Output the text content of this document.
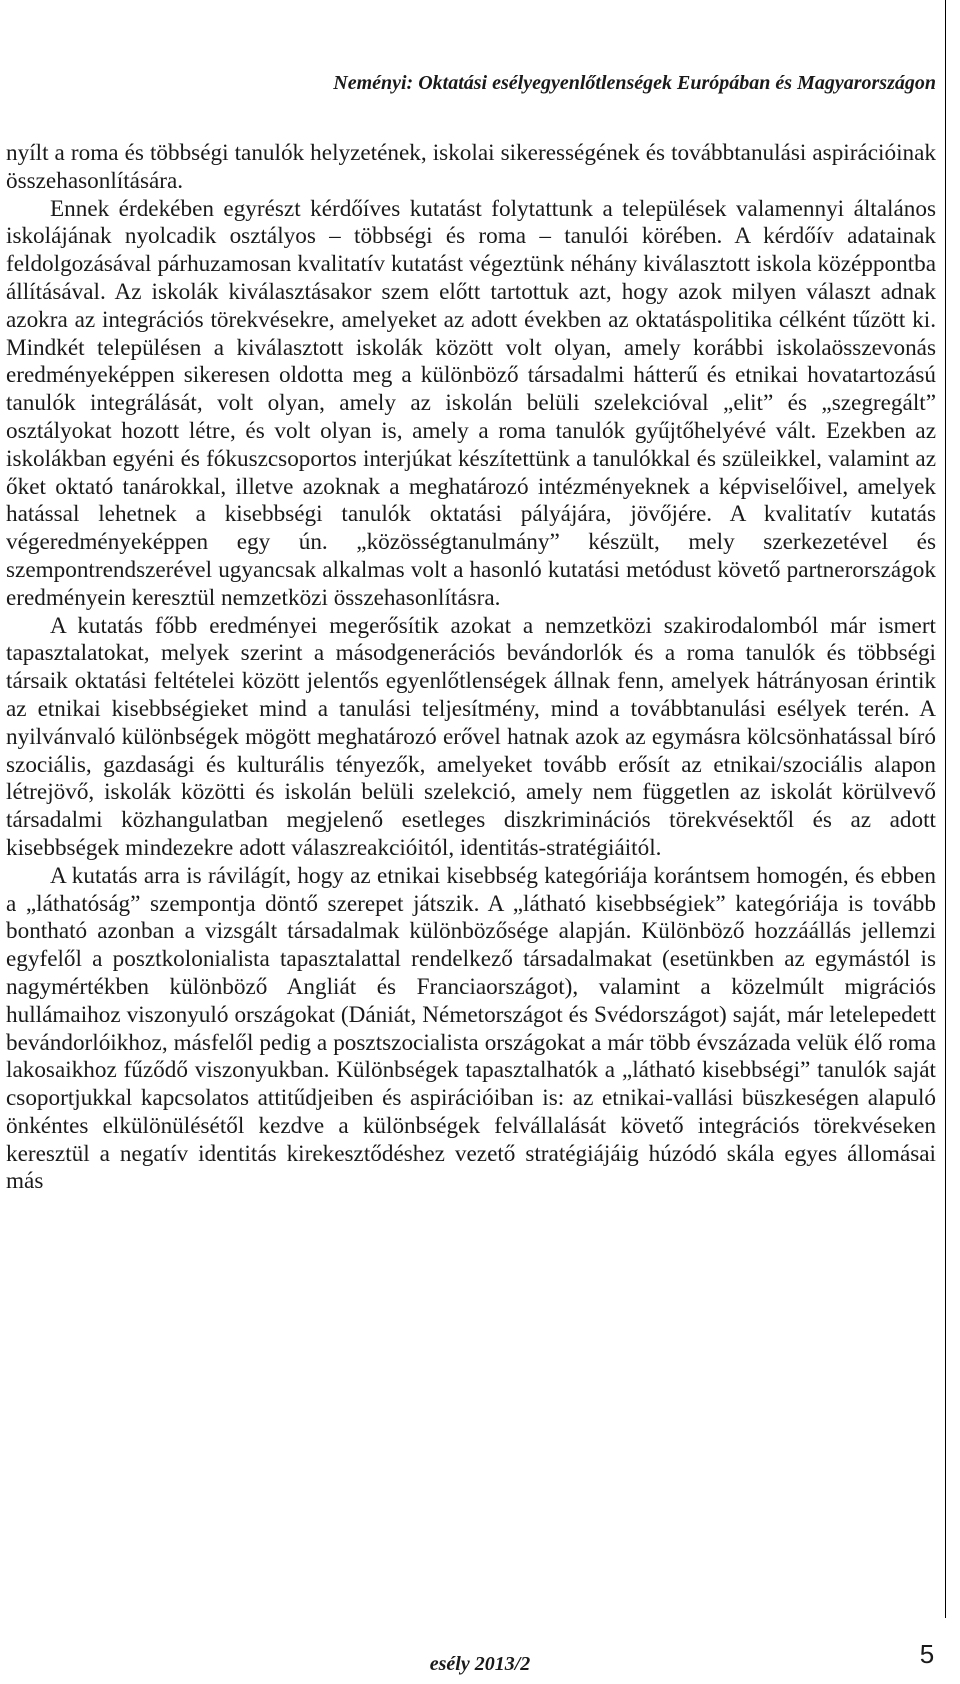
Neményi: Oktatási esélyegyenlőtlenségek Európában és Magyarországon

nyílt a roma és többségi tanulók helyzetének, iskolai sikerességének és továbbtanulási aspirációinak összehasonlítására.

Ennek érdekében egyrészt kérdőíves kutatást folytattunk a települések valamennyi általános iskolájának nyolcadik osztályos – többségi és roma – tanulói körében. A kérdőív adatainak feldolgozásával párhuzamosan kvalitatív kutatást végeztünk néhány kiválasztott iskola középpontba állításával. Az iskolák kiválasztásakor szem előtt tartottuk azt, hogy azok milyen választ adnak azokra az integrációs törekvésekre, amelyeket az adott években az oktatáspolitika célként tűzött ki. Mindkét településen a kiválasztott iskolák között volt olyan, amely korábbi iskolaösszevonás eredményeképpen sikeresen oldotta meg a különböző társadalmi hátterű és etnikai hovatartozású tanulók integrálását, volt olyan, amely az iskolán belüli szelekcióval „elit” és „szegregált” osztályokat hozott létre, és volt olyan is, amely a roma tanulók gyűjtőhelyévé vált. Ezekben az iskolákban egyéni és fókuszcsoportos interjúkat készítettünk a tanulókkal és szüleikkel, valamint az őket oktató tanárokkal, illetve azoknak a meghatározó intézményeknek a képviselőivel, amelyek hatással lehetnek a kisebbségi tanulók oktatási pályájára, jövőjére. A kvalitatív kutatás végeredményeképpen egy ún. „közösségtanulmány” készült, mely szerkezetével és szempontrendszerével ugyancsak alkalmas volt a hasonló kutatási metódust követő partnerországok eredményein keresztül nemzetközi összehasonlításra.

A kutatás főbb eredményei megerősítik azokat a nemzetközi szakirodalomból már ismert tapasztalatokat, melyek szerint a másodgenerációs bevándorlók és a roma tanulók és többségi társaik oktatási feltételei között jelentős egyenlőtlenségek állnak fenn, amelyek hátrányosan érintik az etnikai kisebbségieket mind a tanulási teljesítmény, mind a továbbtanulási esélyek terén. A nyilvánvaló különbségek mögött meghatározó erővel hatnak azok az egymásra kölcsönhatással bíró szociális, gazdasági és kulturális tényezők, amelyeket tovább erősít az etnikai/szociális alapon létrejövő, iskolák közötti és iskolán belüli szelekció, amely nem független az iskolát körülvevő társadalmi közhangulatban megjelenő esetleges diszkriminációs törekvésektől és az adott kisebbségek mindezekre adott válaszreakcióitól, identitás-stratégiáitól.

A kutatás arra is rávilágít, hogy az etnikai kisebbség kategóriája korántsem homogén, és ebben a „láthatóság” szempontja döntő szerepet játszik. A „látható kisebbségiek” kategóriája is tovább bontható azonban a vizsgált társadalmak különbözősége alapján. Különböző hozzáállás jellemzi egyfelől a posztkolonialista tapasztalattal rendelkező társadalmakat (esetünkben az egymástól is nagymértékben különböző Angliát és Franciaországot), valamint a közelmúlt migrációs hullámaihoz viszonyuló országokat (Dániát, Németországot és Svédországot) saját, már letelepedett bevándorlóikhoz, másfelől pedig a posztszocialista országokat a már több évszázada velük élő roma lakosaikhoz fűződő viszonyukban. Különbségek tapasztalhatók a „látható kisebbségi” tanulók saját csoportjukkal kapcsolatos attitűdjeiben és aspirációiban is: az etnikai-vallási büszkeségen alapuló önkéntes elkülönülésétől kezdve a különbségek felvállalását követő integrációs törekvéseken keresztül a negatív identitás kirekesztődéshez vezető stratégiájáig húzódó skála egyes állomásai más

esély 2013/2	5
